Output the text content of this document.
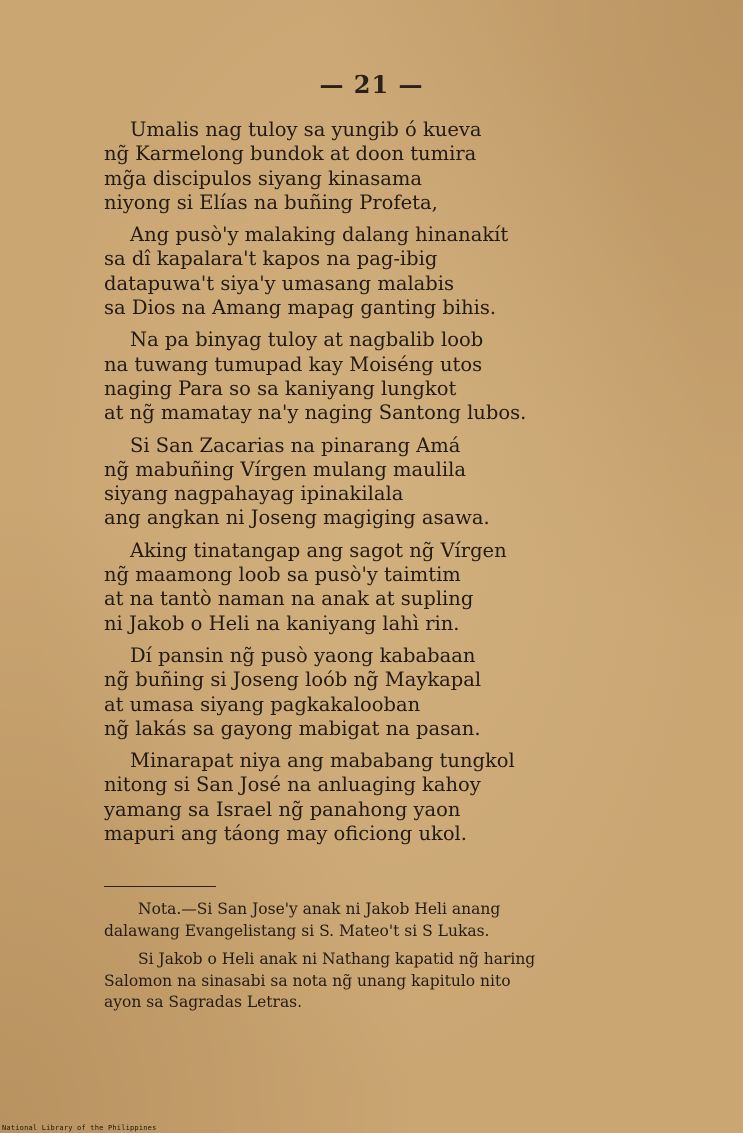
— 21 —
Umalis nag tuloy sa yungib ó kueva
ng̃ Karmelong bundok at doon tumira
mg̃a discipulos siyang kinasama
niyong si Elías na buñing Profeta,
Ang pusò'y malaking dalang hinanakít
sa dî kapalara't kapos na pag-ibig
datapuwa't siya'y umasang malabis
sa Dios na Amang mapag ganting bihis.
Na pa binyag tuloy at nagbalib loob
na tuwang tumupad kay Moiséng utos
naging Para so sa kaniyang lungkot
at ng̃ mamatay na'y naging Santong lubos.
Si San Zacarias na pinarang Amá
ng̃ mabuñing Vírgen mulang maulila
siyang nagpahayag ipinakilala
ang angkan ni Joseng magiging asawa.
Aking tinatangap ang sagot ng̃ Vírgen
ng̃ maamong loob sa pusò'y taimtim
at na tantò naman na anak at supling
ni Jakob o Heli na kaniyang lahì rin.
Dí pansin ng̃ pusò yaong kababaan
ng̃ buñing si Joseng loób ng̃ Maykapal
at umasa siyang pagkakalooban
ng̃ lakás sa gayong mabigat na pasan.
Minarapat niya ang mababang tungkol
nitong si San José na anluaging kahoy
yamang sa Israel ng̃ panahong yaon
mapuri ang táong may oficiong ukol.
Nota.—Si San Jose'y anak ni Jakob Heli anang
dalawang Evangelistang si S. Mateo't si S Lukas.
Si Jakob o Heli anak ni Nathang kapatid ng̃ haring
Salomon na sinasabi sa nota ng̃ unang kapitulo nito
ayon sa Sagradas Letras.
National Library of the Philippines
